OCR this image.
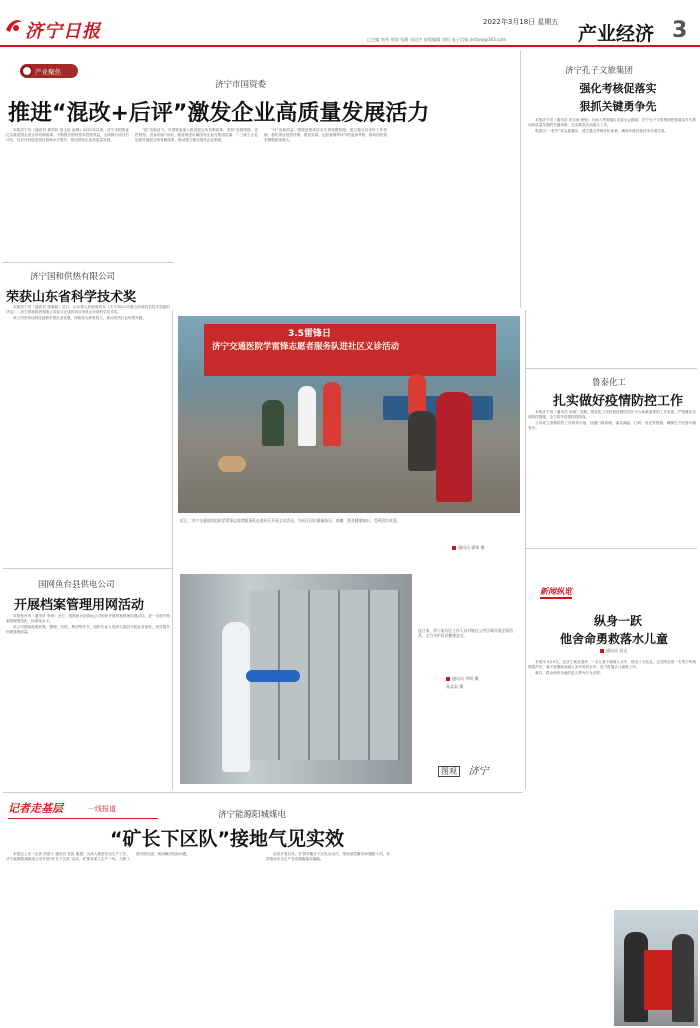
济宁日报	2022年3月18日 星期五
□主编 李伟 审阅 张静 刘冠宇 视觉编辑 刘恒 电子信箱 jnrbyw@163.com	产业经济 3
产业聚焦
济宁市国资委
推进“混改+后评”激发企业高质量发展活力

本报济宁讯（通讯员 林国岩 田玉庆 赵琳）2021年以来，济宁市国资委扎实推进国企混合所有制改革，不断提升国有资本投资效益，全面推行项目后评价，以后评价促进项目管理水平提升，推动国有企业高质量发展。

“混”出新活力。市国资委深入推进混合所有制改革，坚持“宜独则独、宜控则控、宜参则参”原则，稳妥推进市属国有企业在集团层面、二三级子企业层面开展混合所有制改革，推动建立健全现代企业制度。

“评”出新效益。围绕投资项目全生命周期管理，建立健全后评价工作机制，强化项目投资决策、建设实施、运营管理等环节的监督考核，推动国有资本做强做优做大。

济宁孔子文旅集团
强化考核促落实
狠抓关键勇争先

本报济宁讯（通讯员 宋吉雨 程锐）为深入贯彻落实市委全会精神，济宁孔子文旅集团把抓落实作为推动高质量发展的关键举措，扎实推进各项重点工作。

集团以“一把手”带头抓落实，建立健全考核评价体系，确保年度目标任务全面完成。

济宁国和供热有限公司
荣获山东省科学技术奖

本报济宁讯（通讯员 张嘉毅）近日，山东省人民政府发布《关于2021年度山东省科学技术奖励的决定》，济宁国和供热有限公司参与完成的项目荣获山东省科学技术奖。

该公司坚持以科技创新引领企业发展，持续加大研发投入，推动供热行业转型升级。

国网鱼台县供电公司
开展档案管理用网活动

本报鱼台讯（通讯员 李涛）近日，国网鱼台县供电公司组织开展档案管理用网活动，进一步提升档案管理规范化、标准化水平。

该公司围绕档案收集、整理、归档、利用等环节，组织专业人员深入基层开展业务指导，有效提升档案管理质量。

3.5雷锋日
济宁交通医院学雷锋志愿者服务队进社区义诊活动
近日，济宁交通医院组织学雷锋志愿者服务队走进社区开展义诊活动，为社区居民测量血压、血糖，普及健康知识，受到居民欢迎。
通讯员 郭锋 摄
连日来，济宁某社区工作人员对辖区公共区域开展全面消杀，全力守护居民健康安全。
通讯员 李明 摄
孙双双 摄
图观 济宁
鲁泰化工
扎实做好疫情防控工作

本报济宁讯（通讯员 宋丽）近期，鲁泰化工坚持把疫情防控作为当前最重要的工作来抓，严格落实各项防控措施，全力筑牢疫情防控防线。

公司成立疫情防控工作领导小组，加强门岗管理，落实测温、扫码、登记等措施，确保生产经营平稳有序。

新闻纵览
纵身一跃
他舍命勇救落水儿童
通讯员 袁文

本报讯 3月9日，在济宁某河道旁，一名儿童不慎落入水中，情况十分危急。正在附近的一名男子听到呼救声后，毫不犹豫纵身跳入冰冷的河水中，奋力将落水儿童救上岸。

事后，群众纷纷为他的见义勇为行为点赞。

记者走基层	一线报道
济宁能源阳城煤电
“矿长下区队”接地气见实效

本报汶上讯（记者 刘泰宇 通讯员 张凯 董超）为深入推进安全生产工作，济宁能源阳城煤电公司开展“矿长下区队”活动，矿领导深入生产一线，与职工面对面交流，现场解决实际问题。	活动开展以来，矿领导累计下区队百余次，帮助基层解决问题数十项，有效推动安全生产各项措施落实落地。
